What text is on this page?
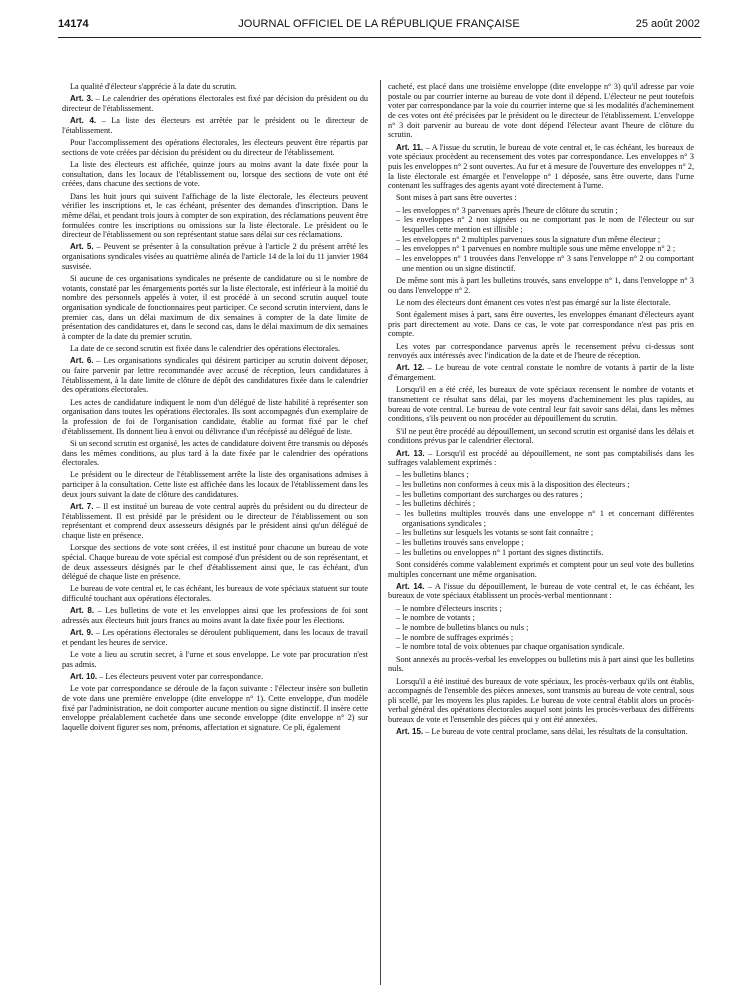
14174	JOURNAL OFFICIEL DE LA RÉPUBLIQUE FRANÇAISE	25 août 2002

La qualité d'électeur s'apprécie à la date du scrutin.

Art. 3. – Le calendrier des opérations électorales est fixé par décision du président ou du directeur de l'établissement.

Art. 4. – La liste des électeurs est arrêtée par le président ou le directeur de l'établissement.

Pour l'accomplissement des opérations électorales, les électeurs peuvent être répartis par sections de vote créées par décision du président ou du directeur de l'établissement.

La liste des électeurs est affichée, quinze jours au moins avant la date fixée pour la consultation, dans les locaux de l'établissement ou, lorsque des sections de vote ont été créées, dans chacune des sections de vote.

Dans les huit jours qui suivent l'affichage de la liste électorale, les électeurs peuvent vérifier les inscriptions et, le cas échéant, présenter des demandes d'inscription. Dans le même délai, et pendant trois jours à compter de son expiration, des réclamations peuvent être formulées contre les inscriptions ou omissions sur la liste électorale. Le président ou le directeur de l'établissement ou son représentant statue sans délai sur ces réclamations.

Art. 5. – Peuvent se présenter à la consultation prévue à l'article 2 du présent arrêté les organisations syndicales visées au quatrième alinéa de l'article 14 de la loi du 11 janvier 1984 susvisée.

Si aucune de ces organisations syndicales ne présente de candidature ou si le nombre de votants, constaté par les émargements portés sur la liste électorale, est inférieur à la moitié du nombre des personnels appelés à voter, il est procédé à un second scrutin auquel toute organisation syndicale de fonctionnaires peut participer. Ce second scrutin intervient, dans le premier cas, dans un délai maximum de dix semaines à compter de la date limite de présentation des candidatures et, dans le second cas, dans le délai maximum de dix semaines à compter de la date du premier scrutin.

La date de ce second scrutin est fixée dans le calendrier des opérations électorales.

Art. 6. – Les organisations syndicales qui désirent participer au scrutin doivent déposer, ou faire parvenir par lettre recommandée avec accusé de réception, leurs candidatures à l'établissement, à la date limite de clôture de dépôt des candidatures fixée dans le calendrier des opérations électorales.

Les actes de candidature indiquent le nom d'un délégué de liste habilité à représenter son organisation dans toutes les opérations électorales. Ils sont accompagnés d'un exemplaire de la profession de foi de l'organisation candidate, établie au format fixé par le chef d'établissement. Ils donnent lieu à envoi ou délivrance d'un récépissé au délégué de liste.

Si un second scrutin est organisé, les actes de candidature doivent être transmis ou déposés dans les mêmes conditions, au plus tard à la date fixée par le calendrier des opérations électorales.

Le président ou le directeur de l'établissement arrête la liste des organisations admises à participer à la consultation. Cette liste est affichée dans les locaux de l'établissement dans les deux jours suivant la date de clôture des candidatures.

Art. 7. – Il est institué un bureau de vote central auprès du président ou du directeur de l'établissement. Il est présidé par le président ou le directeur de l'établissement ou son représentant et comprend deux assesseurs désignés par le président ainsi qu'un délégué de chaque liste en présence.

Lorsque des sections de vote sont créées, il est institué pour chacune un bureau de vote spécial. Chaque bureau de vote spécial est composé d'un président ou de son représentant, et de deux assesseurs désignés par le chef d'établissement ainsi que, le cas échéant, d'un délégué de chaque liste en présence.

Le bureau de vote central et, le cas échéant, les bureaux de vote spéciaux statuent sur toute difficulté touchant aux opérations électorales.

Art. 8. – Les bulletins de vote et les enveloppes ainsi que les professions de foi sont adressés aux électeurs huit jours francs au moins avant la date fixée pour les élections.

Art. 9. – Les opérations électorales se déroulent publiquement, dans les locaux de travail et pendant les heures de service.

Le vote a lieu au scrutin secret, à l'urne et sous enveloppe. Le vote par procuration n'est pas admis.

Art. 10. – Les électeurs peuvent voter par correspondance.

Le vote par correspondance se déroule de la façon suivante : l'électeur insère son bulletin de vote dans une première enveloppe (dite enveloppe n° 1). Cette enveloppe, d'un modèle fixé par l'administration, ne doit comporter aucune mention ou signe distinctif. Il insère cette enveloppe préalablement cachetée dans une seconde enveloppe (dite enveloppe n° 2) sur laquelle doivent figurer ses nom, prénoms, affectation et signature. Ce pli, également

cacheté, est placé dans une troisième enveloppe (dite enveloppe n° 3) qu'il adresse par voie postale ou par courrier interne au bureau de vote dont il dépend. L'électeur ne peut toutefois voter par correspondance par la voie du courrier interne que si les modalités d'acheminement de ces votes ont été précisées par le président ou le directeur de l'établissement. L'enveloppe n° 3 doit parvenir au bureau de vote dont dépend l'électeur avant l'heure de clôture du scrutin.

Art. 11. – A l'issue du scrutin, le bureau de vote central et, le cas échéant, les bureaux de vote spéciaux procèdent au recensement des votes par correspondance. Les enveloppes n° 3 puis les enveloppes n° 2 sont ouvertes. Au fur et à mesure de l'ouverture des enveloppes n° 2, la liste électorale est émargée et l'enveloppe n° 1 déposée, sans être ouverte, dans l'urne contenant les suffrages des agents ayant voté directement à l'urne.

Sont mises à part sans être ouvertes :

– les enveloppes n° 3 parvenues après l'heure de clôture du scrutin ;
– les enveloppes n° 2 non signées ou ne comportant pas le nom de l'électeur ou sur lesquelles cette mention est illisible ;
– les enveloppes n° 2 multiples parvenues sous la signature d'un même électeur ;
– les enveloppes n° 1 parvenues en nombre multiple sous une même enveloppe n° 2 ;
– les enveloppes n° 1 trouvées dans l'enveloppe n° 3 sans l'enveloppe n° 2 ou comportant une mention ou un signe distinctif.

De même sont mis à part les bulletins trouvés, sans enveloppe n° 1, dans l'enveloppe n° 3 ou dans l'enveloppe n° 2.

Le nom des électeurs dont émanent ces votes n'est pas émargé sur la liste électorale.

Sont également mises à part, sans être ouvertes, les enveloppes émanant d'électeurs ayant pris part directement au vote. Dans ce cas, le vote par correspondance n'est pas pris en compte.

Les votes par correspondance parvenus après le recensement prévu ci-dessus sont renvoyés aux intéressés avec l'indication de la date et de l'heure de réception.

Art. 12. – Le bureau de vote central constate le nombre de votants à partir de la liste d'émargement.

Lorsqu'il en a été créé, les bureaux de vote spéciaux recensent le nombre de votants et transmettent ce résultat sans délai, par les moyens d'acheminement les plus rapides, au bureau de vote central. Le bureau de vote central leur fait savoir sans délai, dans les mêmes conditions, s'ils peuvent ou non procéder au dépouillement du scrutin.

S'il ne peut être procédé au dépouillement, un second scrutin est organisé dans les délais et conditions prévus par le calendrier électoral.

Art. 13. – Lorsqu'il est procédé au dépouillement, ne sont pas comptabilisés dans les suffrages valablement exprimés :

– les bulletins blancs ;
– les bulletins non conformes à ceux mis à la disposition des électeurs ;
– les bulletins comportant des surcharges ou des ratures ;
– les bulletins déchirés ;
– les bulletins multiples trouvés dans une enveloppe n° 1 et concernant différentes organisations syndicales ;
– les bulletins sur lesquels les votants se sont fait connaître ;
– les bulletins trouvés sans enveloppe ;
– les bulletins ou enveloppes n° 1 portant des signes distinctifs.

Sont considérés comme valablement exprimés et comptent pour un seul vote des bulletins multiples concernant une même organisation.

Art. 14. – A l'issue du dépouillement, le bureau de vote central et, le cas échéant, les bureaux de vote spéciaux établissent un procès-verbal mentionnant :

– le nombre d'électeurs inscrits ;
– le nombre de votants ;
– le nombre de bulletins blancs ou nuls ;
– le nombre de suffrages exprimés ;
– le nombre total de voix obtenues par chaque organisation syndicale.

Sont annexés au procès-verbal les enveloppes ou bulletins mis à part ainsi que les bulletins nuls.

Lorsqu'il a été institué des bureaux de vote spéciaux, les procès-verbaux qu'ils ont établis, accompagnés de l'ensemble des pièces annexes, sont transmis au bureau de vote central, sous pli scellé, par les moyens les plus rapides. Le bureau de vote central établit alors un procès-verbal général des opérations électorales auquel sont joints les procès-verbaux des différents bureaux de vote et l'ensemble des pièces qui y ont été annexées.

Art. 15. – Le bureau de vote central proclame, sans délai, les résultats de la consultation.
